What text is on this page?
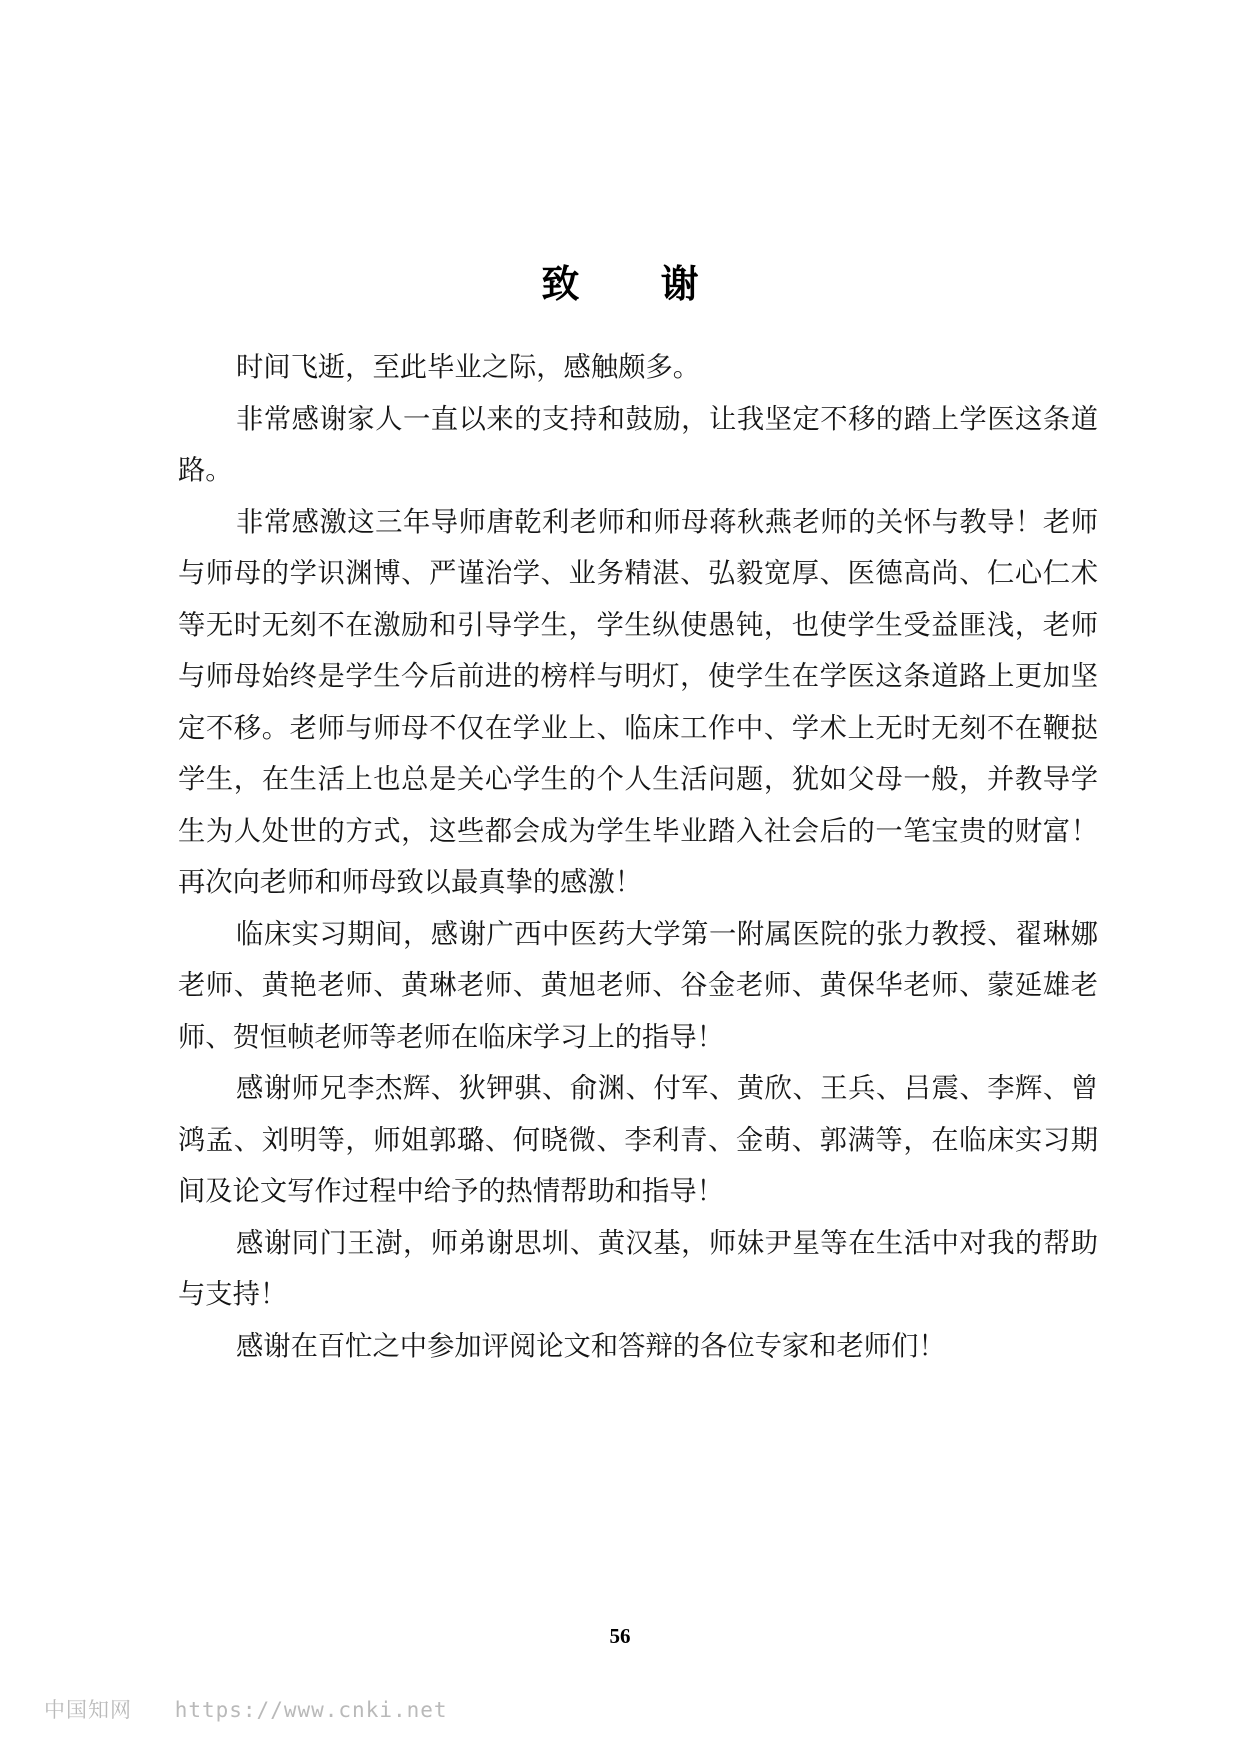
致 谢

时间飞逝，至此毕业之际，感触颇多。

非常感谢家人一直以来的支持和鼓励，让我坚定不移的踏上学医这条道路。

非常感激这三年导师唐乾利老师和师母蒋秋燕老师的关怀与教导！老师与师母的学识渊博、严谨治学、业务精湛、弘毅宽厚、医德高尚、仁心仁术等无时无刻不在激励和引导学生，学生纵使愚钝，也使学生受益匪浅，老师与师母始终是学生今后前进的榜样与明灯，使学生在学医这条道路上更加坚定不移。老师与师母不仅在学业上、临床工作中、学术上无时无刻不在鞭挞学生，在生活上也总是关心学生的个人生活问题，犹如父母一般，并教导学生为人处世的方式，这些都会成为学生毕业踏入社会后的一笔宝贵的财富！再次向老师和师母致以最真挚的感激！

临床实习期间，感谢广西中医药大学第一附属医院的张力教授、翟琳娜老师、黄艳老师、黄琳老师、黄旭老师、谷金老师、黄保华老师、蒙延雄老师、贺恒帧老师等老师在临床学习上的指导！

感谢师兄李杰辉、狄钾骐、俞渊、付军、黄欣、王兵、吕震、李辉、曾鸿孟、刘明等，师姐郭璐、何晓微、李利青、金萌、郭满等，在临床实习期间及论文写作过程中给予的热情帮助和指导！

感谢同门王澍，师弟谢思圳、黄汉基，师妹尹星等在生活中对我的帮助与支持！

感谢在百忙之中参加评阅论文和答辩的各位专家和老师们！

56
中国知网 https://www.cnki.net
